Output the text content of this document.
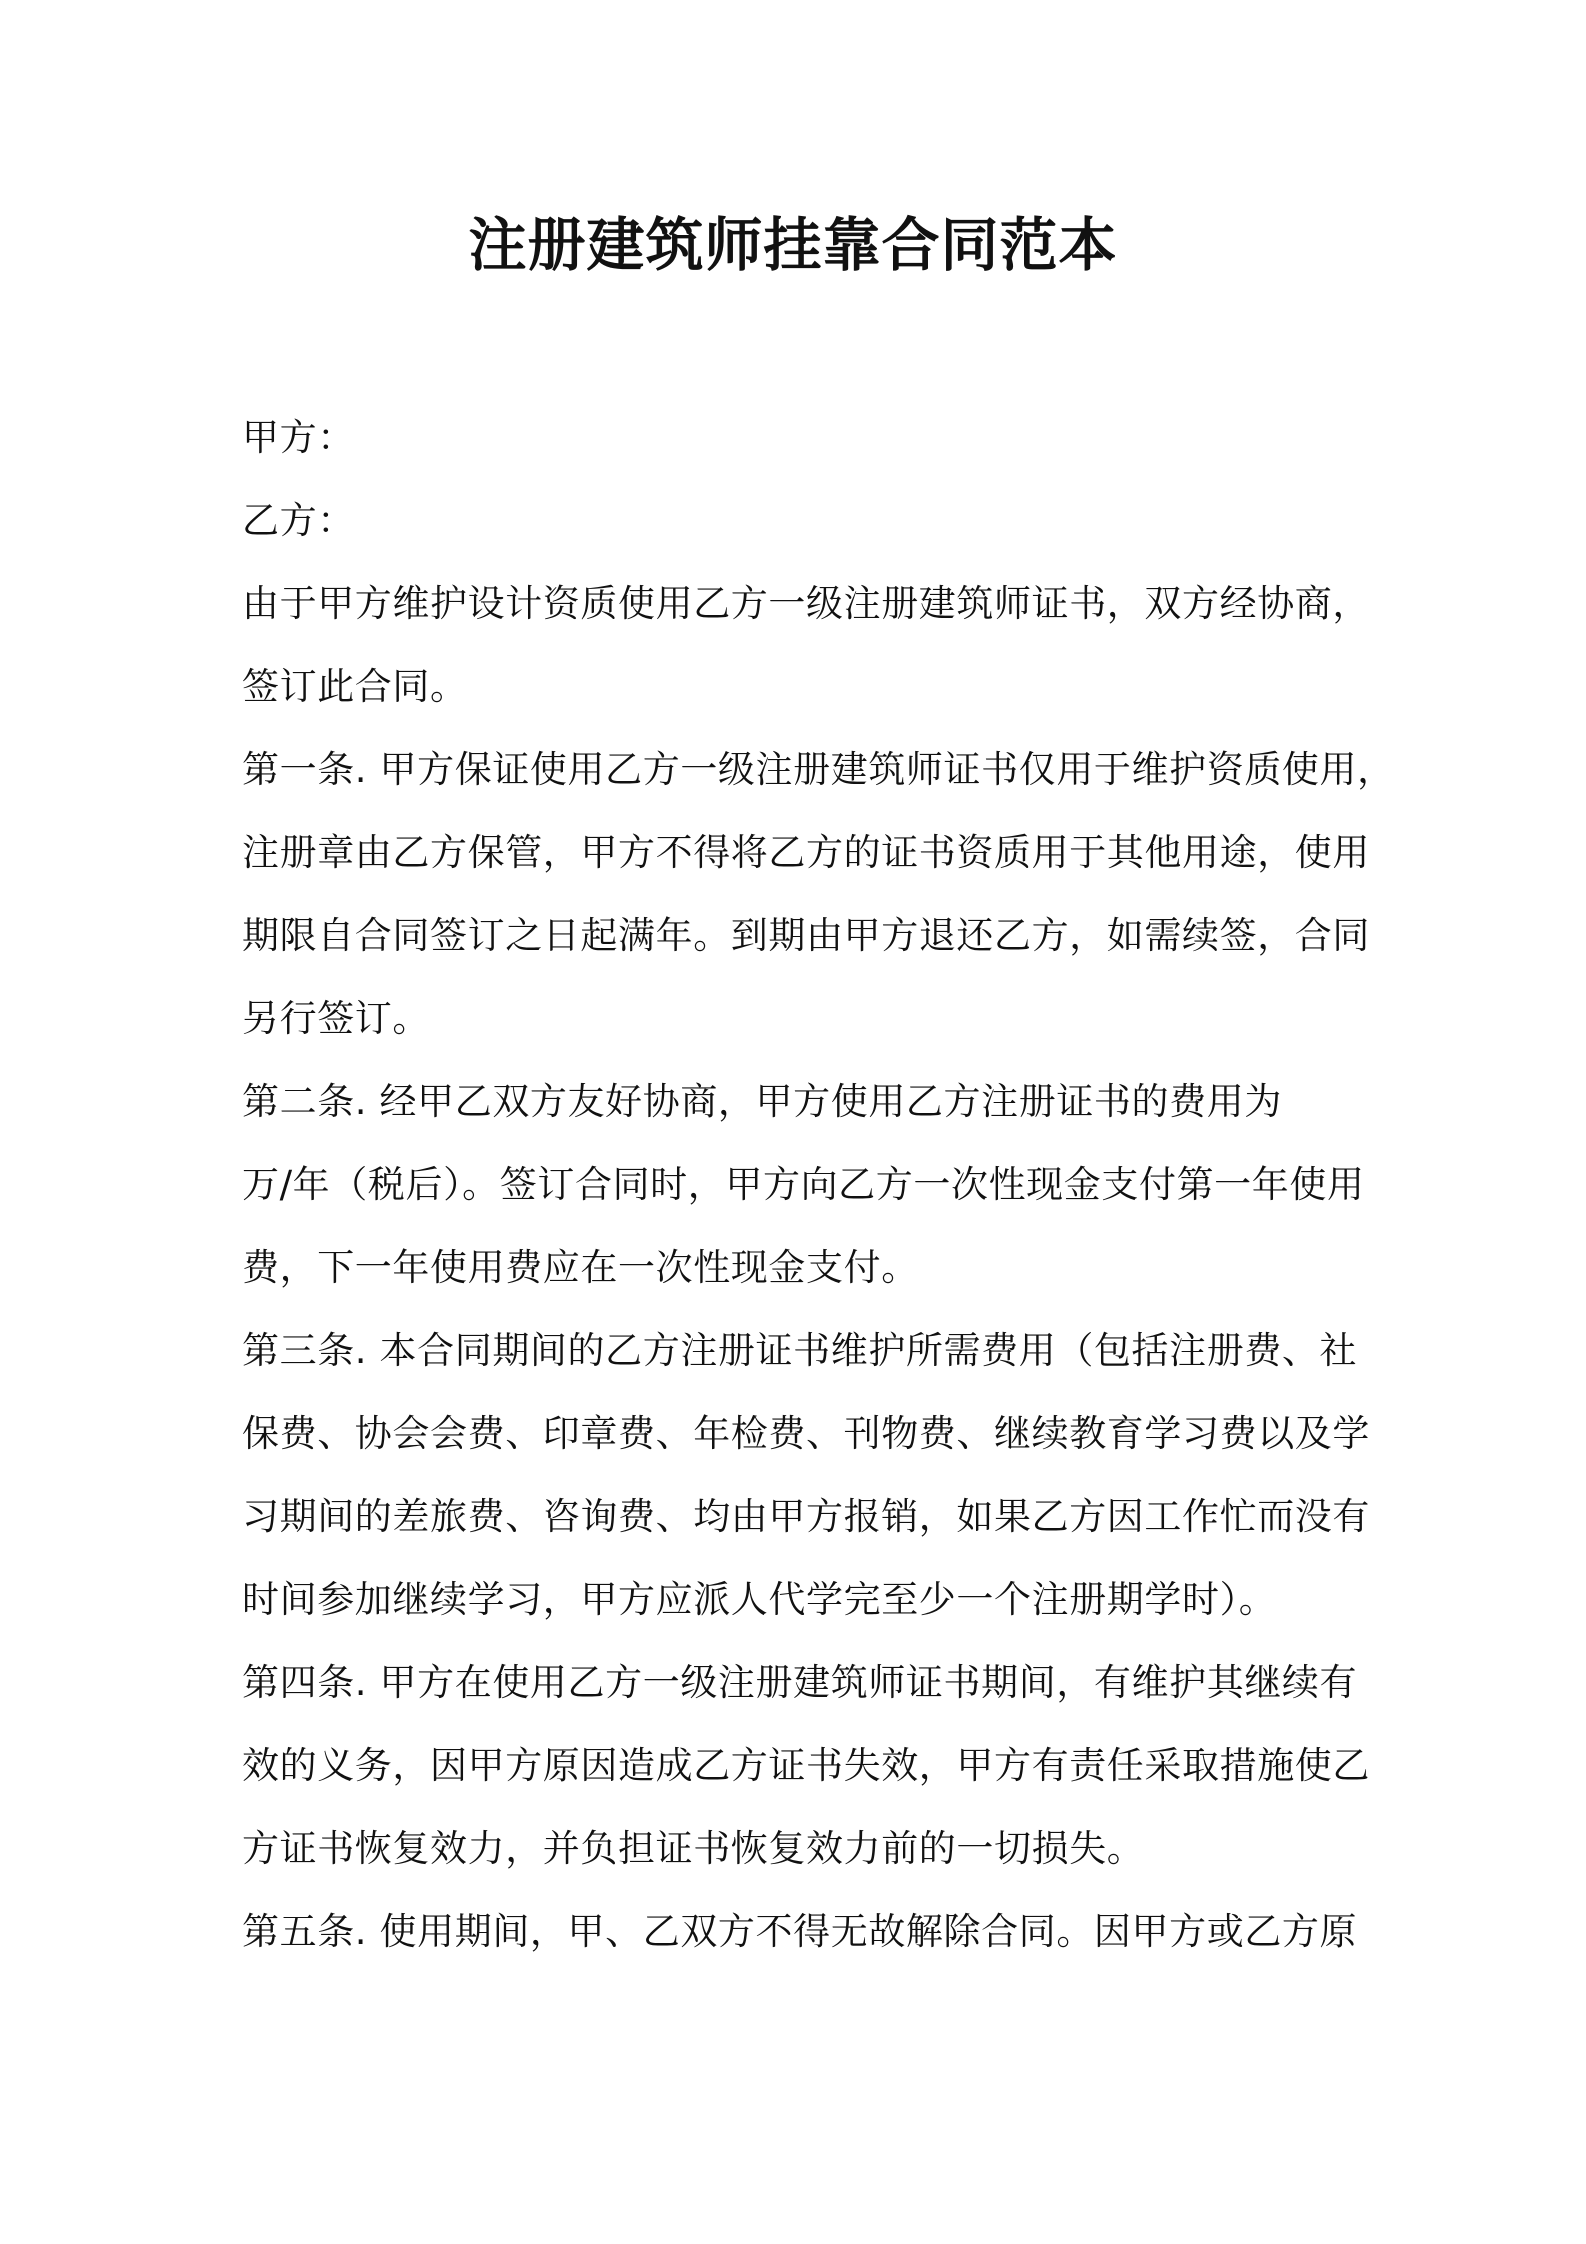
注册建筑师挂靠合同范本
甲方：
乙方：
由于甲方维护设计资质使用乙方一级注册建筑师证书，双方经协商，
签订此合同。
第一条. 甲方保证使用乙方一级注册建筑师证书仅用于维护资质使用，
注册章由乙方保管，甲方不得将乙方的证书资质用于其他用途，使用
期限自合同签订之日起满年。到期由甲方退还乙方，如需续签，合同
另行签订。
第二条. 经甲乙双方友好协商，甲方使用乙方注册证书的费用为
万/年（税后）。签订合同时，甲方向乙方一次性现金支付第一年使用
费，下一年使用费应在一次性现金支付。
第三条. 本合同期间的乙方注册证书维护所需费用（包括注册费、社
保费、协会会费、印章费、年检费、刊物费、继续教育学习费以及学
习期间的差旅费、咨询费、均由甲方报销，如果乙方因工作忙而没有
时间参加继续学习，甲方应派人代学完至少一个注册期学时）。
第四条. 甲方在使用乙方一级注册建筑师证书期间，有维护其继续有
效的义务，因甲方原因造成乙方证书失效，甲方有责任采取措施使乙
方证书恢复效力，并负担证书恢复效力前的一切损失。
第五条. 使用期间，甲、乙双方不得无故解除合同。因甲方或乙方原
